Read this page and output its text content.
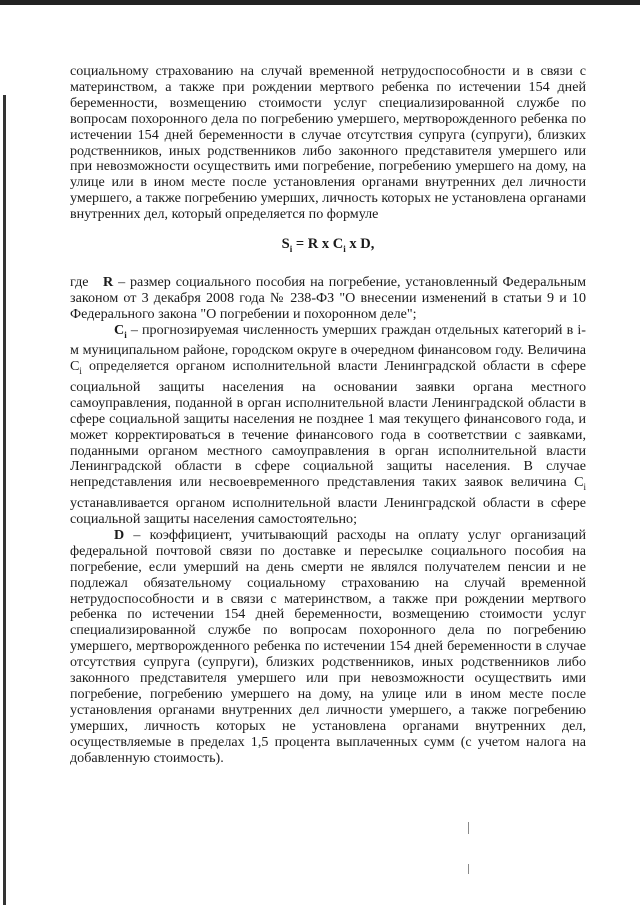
социальному страхованию на случай временной нетрудоспособности и в связи с материнством, а также при рождении мертвого ребенка по истечении 154 дней беременности, возмещению стоимости услуг специализированной службе по вопросам похоронного дела по погребению умершего, мертворожденного ребенка по истечении 154 дней беременности в случае отсутствия супруга (супруги), близких родственников, иных родственников либо законного представителя умершего или при невозможности осуществить ими погребение, погребению умершего на дому, на улице или в ином месте после установления органами внутренних дел личности умершего, а также погребению умерших, личность которых не установлена органами внутренних дел, который определяется по формуле

$S_i = R$ x $C_i$ x D,

где R – размер социального пособия на погребение, установленный Федеральным законом от 3 декабря 2008 года № 238-ФЗ "О внесении изменений в статьи 9 и 10 Федерального закона "О погребении и похоронном деле";

$C_i$ – прогнозируемая численность умерших граждан отдельных категорий в i-м муниципальном районе, городском округе в очередном финансовом году. Величина $C_i$ определяется органом исполнительной власти Ленинградской области в сфере социальной защиты населения на основании заявки органа местного самоуправления, поданной в орган исполнительной власти Ленинградской области в сфере социальной защиты населения не позднее 1 мая текущего финансового года, и может корректироваться в течение финансового года в соответствии с заявками, поданными органом местного самоуправления в орган исполнительной власти Ленинградской области в сфере социальной защиты населения. В случае непредставления или несвоевременного представления таких заявок величина $C_i$ устанавливается органом исполнительной власти Ленинградской области в сфере социальной защиты населения самостоятельно;

D – коэффициент, учитывающий расходы на оплату услуг организаций федеральной почтовой связи по доставке и пересылке социального пособия на погребение, если умерший на день смерти не являлся получателем пенсии и не подлежал обязательному социальному страхованию на случай временной нетрудоспособности и в связи с материнством, а также при рождении мертвого ребенка по истечении 154 дней беременности, возмещению стоимости услуг специализированной службе по вопросам похоронного дела по погребению умершего, мертворожденного ребенка по истечении 154 дней беременности в случае отсутствия супруга (супруги), близких родственников, иных родственников либо законного представителя умершего или при невозможности осуществить ими погребение, погребению умершего на дому, на улице или в ином месте после установления органами внутренних дел личности умершего, а также погребению умерших, личность которых не установлена органами внутренних дел, осуществляемые в пределах 1,5 процента выплаченных сумм (с учетом налога на добавленную стоимость).
